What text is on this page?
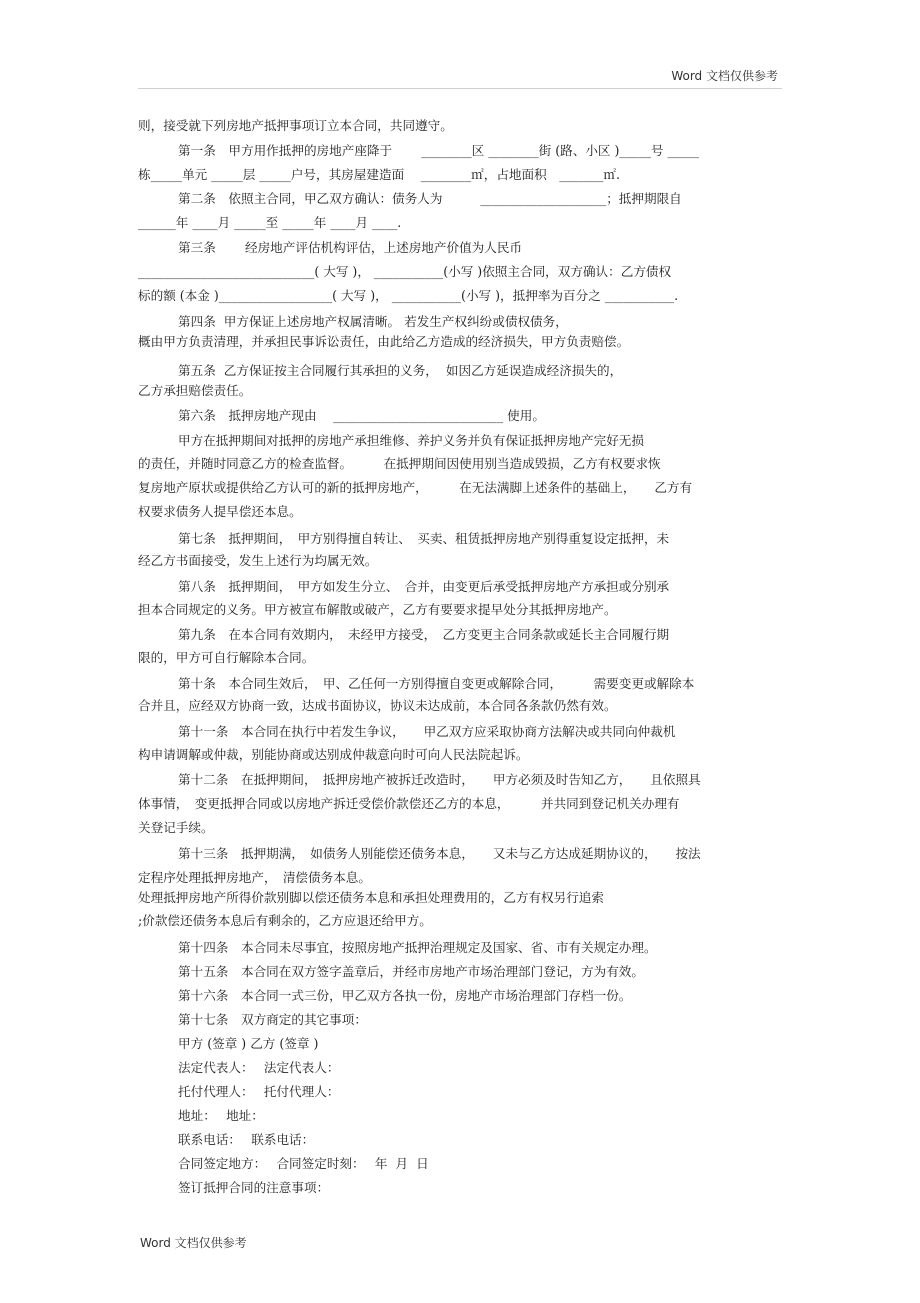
Word 文档仅供参考
则，接受就下列房地产抵押事项订立本合同，共同遵守。
第一条　甲方用作抵押的房地产座降于　　 ________区 ________街 (路、小区 )_____号 _____
栋_____单元 _____层 _____户号，其房屋建造面　 ________㎡，占地面积　_______㎡.
第二条　依照主合同，甲乙双方确认：债务人为　　　____________________；抵押期限自
______年 ____月 _____至 _____年 ____月 ____.
第三条　　 经房地产评估机构评估，上述房地产价值为人民币
____________________________( 大写 )， ___________(小写 )依照主合同，双方确认：乙方债权
标的额 (本金 )__________________( 大写 )， ___________(小写 )，抵押率为百分之 ___________.
第四条  甲方保证上述房地产权属清晰。 若发生产权纠纷或债权债务，
概由甲方负责清理，并承担民事诉讼责任，由此给乙方造成的经济损失，甲方负责赔偿。
第五条  乙方保证按主合同履行其承担的义务，  如因乙方延误造成经济损失的，
乙方承担赔偿责任。
第六条　抵押房地产现由　 ___________________________ 使用。
甲方在抵押期间对抵押的房地产承担维修、养护义务并负有保证抵押房地产完好无损
的责任，并随时同意乙方的检查监督。　　　在抵押期间因使用别当造成毁损，乙方有权要求恢
复房地产原状或提供给乙方认可的新的抵押房地产，　　　在无法满脚上述条件的基础上，　　乙方有
权要求债务人提早偿还本息。
第七条　抵押期间，　甲方别得擅自转让、　买卖、租赁抵押房地产别得重复设定抵押，未
经乙方书面接受，发生上述行为均属无效。
第八条　抵押期间，　甲方如发生分立、　合并，由变更后承受抵押房地产方承担或分别承
担本合同规定的义务。甲方被宣布解散或破产，乙方有要要求提早处分其抵押房地产。
第九条　在本合同有效期内，　未经甲方接受，　乙方变更主合同条款或延长主合同履行期
限的，甲方可自行解除本合同。
第十条　本合同生效后，　甲、乙任何一方别得擅自变更或解除合同，　　　需要变更或解除本
合并且，应经双方协商一致，达成书面协议，协议未达成前，本合同各条款仍然有效。
第十一条　本合同在执行中若发生争议，　　甲乙双方应采取协商方法解决或共同向仲裁机
构申请调解或仲裁，别能协商或达别成仲裁意向时可向人民法院起诉。
第十二条　在抵押期间，　抵押房地产被拆迁改造时，　　甲方必须及时告知乙方，　　且依照具
体事情，　变更抵押合同或以房地产拆迁受偿价款偿还乙方的本息，　　　并共同到登记机关办理有
关登记手续。
第十三条　抵押期满，　如债务人别能偿还债务本息，　　又未与乙方达成延期协议的，　　按法
定程序处理抵押房地产，　清偿债务本息。
处理抵押房地产所得价款别脚以偿还债务本息和承担处理费用的，乙方有权另行追索
;价款偿还债务本息后有剩余的，乙方应退还给甲方。
第十四条　本合同未尽事宜，按照房地产抵押治理规定及国家、省、市有关规定办理。
第十五条　本合同在双方签字盖章后，并经市房地产市场治理部门登记，方为有效。
第十六条　本合同一式三份，甲乙双方各执一份，房地产市场治理部门存档一份。
第十七条　双方商定的其它事项：
甲方 (签章 ) 乙方 (签章 )
法定代表人：　 法定代表人：
托付代理人：　 托付代理人：
地址：　 地址：
联系电话：　 联系电话：
合同签定地方：　 合同签定时刻：　 年  月  日
签订抵押合同的注意事项：
Word 文档仅供参考
